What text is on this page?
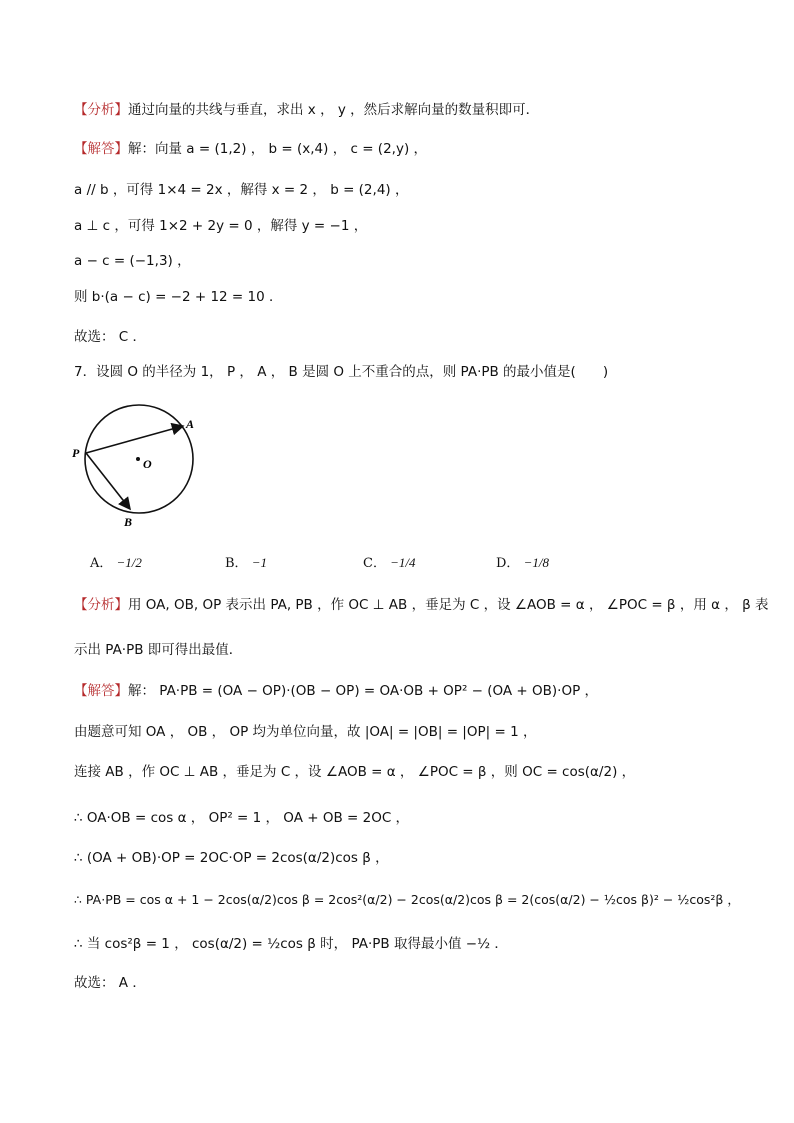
【分析】通过向量的共线与垂直，求出 x ， y ，然后求解向量的数量积即可．
【解答】解：向量 a = (1,2) ， b = (x,4) ， c = (2,y) ，
a // b ，可得 1×4 = 2x ，解得 x = 2 ， b = (2,4) ，
a ⊥ c ，可得 1×2 + 2y = 0 ，解得 y = −1 ，
a − c = (−1,3) ，
则 b·(a − c) = −2 + 12 = 10 ．
故选： C ．
7．设圆 O 的半径为 1， P ， A ， B 是圆 O 上不重合的点，则 PA·PB 的最小值是(　　)
P
A
B
O
A． −1/2	B． −1	C． −1/4	D． −1/8
【分析】用 OA, OB, OP 表示出 PA, PB ，作 OC ⊥ AB ，垂足为 C ，设 ∠AOB = α ， ∠POC = β ，用 α ， β 表
示出 PA·PB 即可得出最值．
【解答】解： PA·PB = (OA − OP)·(OB − OP) = OA·OB + OP² − (OA + OB)·OP ，
由题意可知 OA ， OB ， OP 均为单位向量，故 |OA| = |OB| = |OP| = 1 ，
连接 AB ，作 OC ⊥ AB ，垂足为 C ，设 ∠AOB = α ， ∠POC = β ，则 OC = cos(α/2) ，
∴ OA·OB = cos α ， OP² = 1 ， OA + OB = 2OC ，
∴ (OA + OB)·OP = 2OC·OP = 2cos(α/2)cos β ，
∴ PA·PB = cos α + 1 − 2cos(α/2)cos β = 2cos²(α/2) − 2cos(α/2)cos β = 2(cos(α/2) − ½cos β)² − ½cos²β ，
∴ 当 cos²β = 1 ， cos(α/2) = ½cos β 时， PA·PB 取得最小值 −½ ．
故选： A ．
